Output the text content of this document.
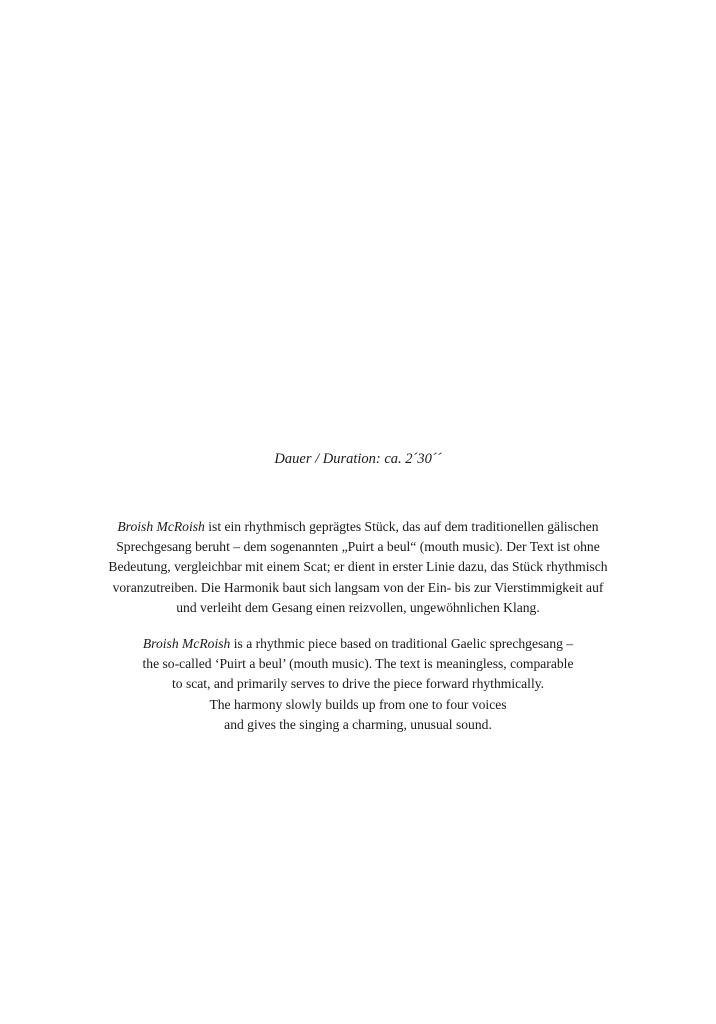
Dauer / Duration: ca. 2´30´´
Broish McRoish ist ein rhythmisch geprägtes Stück, das auf dem traditionellen gälischen
Sprechgesang beruht – dem sogenannten „Puirt a beul“ (mouth music). Der Text ist ohne
Bedeutung, vergleichbar mit einem Scat; er dient in erster Linie dazu, das Stück rhythmisch
voranzutreiben. Die Harmonik baut sich langsam von der Ein- bis zur Vierstimmigkeit auf
und verleiht dem Gesang einen reizvollen, ungewöhnlichen Klang.
Broish McRoish is a rhythmic piece based on traditional Gaelic sprechgesang –
the so-called ‘Puirt a beul’ (mouth music). The text is meaningless, comparable
to scat, and primarily serves to drive the piece forward rhythmically.
The harmony slowly builds up from one to four voices
and gives the singing a charming, unusual sound.
